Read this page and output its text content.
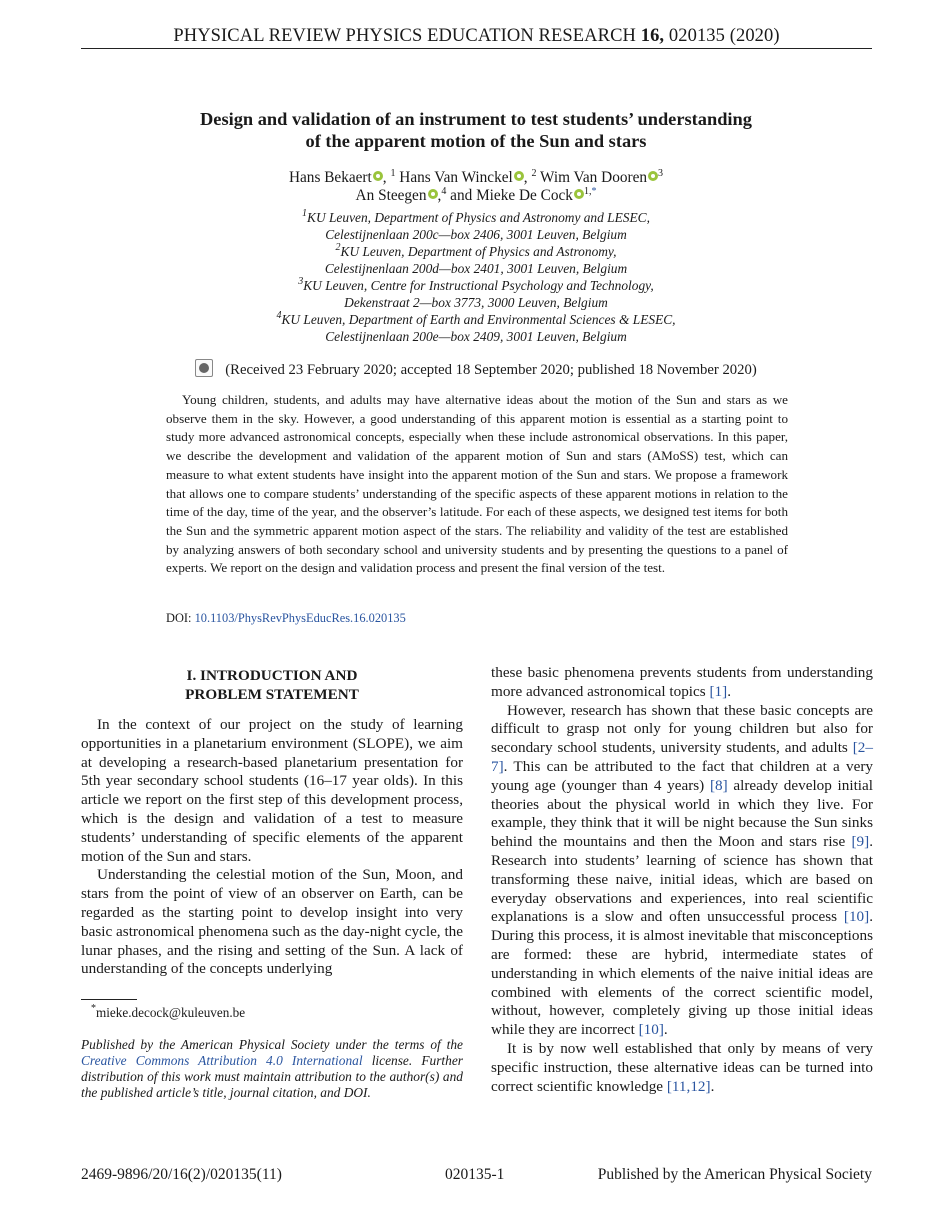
PHYSICAL REVIEW PHYSICS EDUCATION RESEARCH 16, 020135 (2020)
Design and validation of an instrument to test students’ understanding
of the apparent motion of the Sun and stars
Hans Bekaert , $^1$ Hans Van Winckel , $^2$ Wim Van Dooren $^3$
An Steegen ,$^4$ and Mieke De Cock $^{1,*}$
$^1$KU Leuven, Department of Physics and Astronomy and LESEC,
Celestijnenlaan 200c—box 2406, 3001 Leuven, Belgium
$^2$KU Leuven, Department of Physics and Astronomy,
Celestijnenlaan 200d—box 2401, 3001 Leuven, Belgium
$^3$KU Leuven, Centre for Instructional Psychology and Technology,
Dekenstraat 2—box 3773, 3000 Leuven, Belgium
$^4$KU Leuven, Department of Earth and Environmental Sciences & LESEC,
Celestijnenlaan 200e—box 2409, 3001 Leuven, Belgium
(Received 23 February 2020; accepted 18 September 2020; published 18 November 2020)
Young children, students, and adults may have alternative ideas about the motion of the Sun and stars as we observe them in the sky. However, a good understanding of this apparent motion is essential as a starting point to study more advanced astronomical concepts, especially when these include astronomical observations. In this paper, we describe the development and validation of the apparent motion of Sun and stars (AMoSS) test, which can measure to what extent students have insight into the apparent motion of the Sun and stars. We propose a framework that allows one to compare students’ understanding of the specific aspects of these apparent motions in relation to the time of the day, time of the year, and the observer’s latitude. For each of these aspects, we designed test items for both the Sun and the symmetric apparent motion aspect of the stars. The reliability and validity of the test are established by analyzing answers of both secondary school and university students and by presenting the questions to a panel of experts. We report on the design and validation process and present the final version of the test.
DOI: 10.1103/PhysRevPhysEducRes.16.020135
I. INTRODUCTION AND
PROBLEM STATEMENT

In the context of our project on the study of learning opportunities in a planetarium environment (SLOPE), we aim at developing a research-based planetarium presentation for 5th year secondary school students (16–17 year olds). In this article we report on the first step of this development process, which is the design and validation of a test to measure students’ understanding of specific elements of the apparent motion of the Sun and stars.

Understanding the celestial motion of the Sun, Moon, and stars from the point of view of an observer on Earth, can be regarded as the starting point to develop insight into very basic astronomical phenomena such as the day-night cycle, the lunar phases, and the rising and setting of the Sun. A lack of understanding of the concepts underlying

these basic phenomena prevents students from understanding more advanced astronomical topics [1].

However, research has shown that these basic concepts are difficult to grasp not only for young children but also for secondary school students, university students, and adults [2–7]. This can be attributed to the fact that children at a very young age (younger than 4 years) [8] already develop initial theories about the physical world in which they live. For example, they think that it will be night because the Sun sinks behind the mountains and then the Moon and stars rise [9]. Research into students’ learning of science has shown that transforming these naive, initial ideas, which are based on everyday observations and experiences, into real scientific explanations is a slow and often unsuccessful process [10]. During this process, it is almost inevitable that misconceptions are formed: these are hybrid, intermediate states of understanding in which elements of the naive initial ideas are combined with elements of the correct scientific model, without, however, completely giving up those initial ideas while they are incorrect [10].

It is by now well established that only by means of very specific instruction, these alternative ideas can be turned into correct scientific knowledge [11,12].

*mieke.decock@kuleuven.be
Published by the American Physical Society under the terms of the Creative Commons Attribution 4.0 International license. Further distribution of this work must maintain attribution to the author(s) and the published article’s title, journal citation, and DOI.
2469-9896/20/16(2)/020135(11)	020135-1	Published by the American Physical Society
